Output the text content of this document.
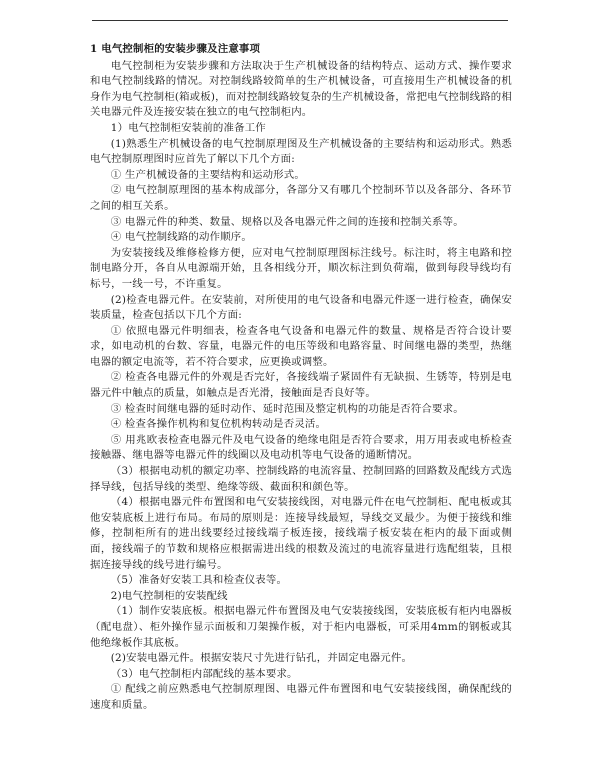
1 电气控制柜的安装步骤及注意事项

电气控制柜为安装步骤和方法取决于生产机械设备的结构特点、运动方式、操作要求和电气控制线路的情况。对控制线路较简单的生产机械设备，可直接用生产机械设备的机身作为电气控制柜(箱或板)，而对控制线路较复杂的生产机械设备，常把电气控制线路的相关电器元件及连接安装在独立的电气控制柜内。

1）电气控制柜安装前的准备工作

(1)熟悉生产机械设备的电气控制原理图及生产机械设备的主要结构和运动形式。熟悉电气控制原理图时应首先了解以下几个方面:

① 生产机械设备的主要结构和运动形式。

② 电气控制原理图的基本构成部分，各部分又有哪几个控制环节以及各部分、各环节之间的相互关系。

③ 电器元件的种类、数量、规格以及各电器元件之间的连接和控制关系等。

④ 电气控制线路的动作顺序。

为安装接线及维修检修方便，应对电气控制原理图标注线号。标注时，将主电路和控制电路分开，各自从电源端开始，且各相线分开，顺次标注到负荷端，做到每段导线均有标号，一线一号，不许重复。

(2)检查电器元件。在安装前，对所使用的电气设备和电器元件逐一进行检查，确保安装质量，检查包括以下几个方面:

① 依照电器元件明细表，检查各电气设备和电器元件的数量、规格是否符合设计要求，如电动机的台数、容量，电器元件的电压等级和电路容量、时间继电器的类型，热继电器的额定电流等，若不符合要求，应更换或调整。

② 检查各电器元件的外观是否完好，各接线端子紧固件有无缺损、生锈等，特别是电器元件中触点的质量，如触点是否光滑，接触面是否良好等。

③ 检查时间继电器的延时动作、延时范围及整定机构的功能是否符合要求。

④ 检查各操作机构和复位机构转动是否灵活。

⑤ 用兆欧表检查电器元件及电气设备的绝缘电阻是否符合要求，用万用表或电桥检查接触器、继电器等电器元件的线圈以及电动机等电气设备的通断情况。

（3）根据电动机的额定功率、控制线路的电流容量、控制回路的回路数及配线方式选择导线，包括导线的类型、绝缘等级、截面积和颜色等。

（4）根据电器元件布置图和电气安装接线图，对电器元件在电气控制柜、配电板或其他安装底板上进行布局。布局的原则是：连接导线最短，导线交叉最少。为便于接线和维修，控制柜所有的进出线要经过接线端子板连接，接线端子板安装在柜内的最下面或侧面，接线端子的节数和规格应根据需进出线的根数及流过的电流容量进行选配组装，且根据连接导线的线号进行编号。

（5）准备好安装工具和检查仪表等。

2)电气控制柜的安装配线

（1）制作安装底板。根据电器元件布置图及电气安装接线图，安装底板有柜内电器板（配电盘）、柜外操作显示面板和刀架操作板，对于柜内电器板，可采用4mm的钢板或其他绝缘板作其底板。

(2)安装电器元件。根据安装尺寸先进行钻孔，并固定电器元件。

（3）电气控制柜内部配线的基本要求。

① 配线之前应熟悉电气控制原理图、电器元件布置图和电气安装接线图，确保配线的速度和质量。
